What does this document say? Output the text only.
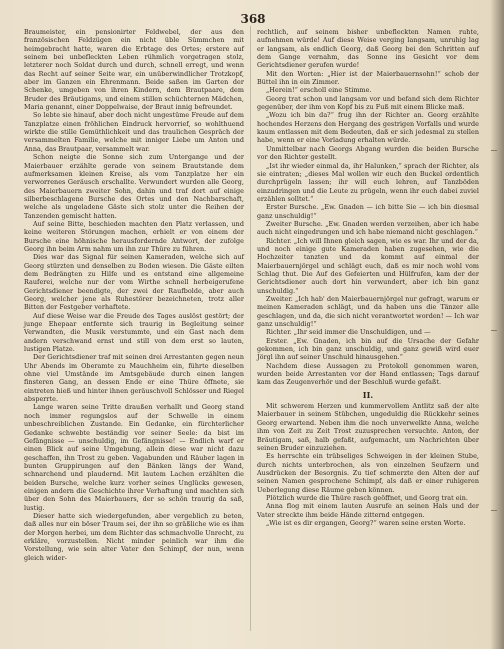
368

Braumeister, ein pensionirter Feldwebel, der aus den französischen Feldzügen ein nicht üble Sümmchen mit heimgebracht hatte, waren die Erbtage des Ortes; erstere auf seinem bei unbefleckten Leben rühmlich vorgetragen stolz, letzterer noch Soldat durch und durch, schnell erregt, und wenn das Recht auf seiner Seite war, ein unüberwindlicher Trotzkopf, aber im Ganzen ein Ehrenmann. Beide saßen im Garten der Schenke, umgeben von ihren Kindern, dem Brautpaare, dem Bruder des Bräutigams, und einem stillen schüchternen Mädchen, Maria genannt, einer Doppelwaise, der Braut innig befreundet.

So lebte sie hinauf, aber doch nicht ungestüme Freude auf dem Tanzplatze einen fröhlichen Eindruck hervorrief, so wohlthuend wirkte die stille Gemüthlichkeit und das traulichen Gespräch der versammelten Familie, welche mit inniger Liebe um Anton und Anna, das Brautpaar, versammelt war.

Schon neigte die Sonne sich zum Untergange und der Maierbauer erzählte gerade von seinem Brautstande dem aufmerksamen kleinen Kreise, als vom Tanzplatze her ein verworrenes Geräusch erschallte. Verwundert wurden alle Georg, des Maierbauern zweiter Sohn, dahin und traf dort auf einige silberbeschlagene Bursche des Ortes und den Nachbarschaft, welche als ungeladene Gäste sich stolz unter die Reihen der Tanzenden gemischt hatten.

Auf seine Bitte, beschieden machten den Platz verlassen, und keine weiteren Störungen machen, erhielt er von einem der Bursche eine höhnische herausfordernde Antwort, der zufolge Georg ihn beim Arm nahm um ihn zur Thüre zu führen.

Dies war das Signal für seinen Kameraden, welche sich auf Georg stürzten und denselben zu Boden wiesen. Die Gäste eilten dem Bedrängten zu Hilfe und es entstand eine allgemeine Rauferei, welche nur der vom Wirthe schnell herbeigerufene Gerichtsdiener beendigte, der zwei der Raufbolde, aber auch Georg, welcher jene als Ruhestörer bezeichneten, trotz aller Bitten der Festgeber verhaftete.

Auf diese Weise war die Freude des Tages auslöst gestört; der junge Ehepaar entfernte sich traurig in Begleitung seiner Verwandten, die Musik verstummte, und ein Gast nach dem andern verschwand ernst und still von dem erst so lauten, lustigen Platze.

Der Gerichtsdiener traf mit seinen drei Arrestanten gegen neun Uhr Abends im Oberamte zu Mauchheim ein, führte dieselben ohne viel Umstände im Amtsgebäude durch einen langen finsteren Gang, an dessen Ende er eine Thüre öffnete, sie eintreten hieß und hinter ihnen geräuschvoll Schlösser und Riegel absperrte.

Lange waren seine Tritte draußen verhallt und Georg stand noch immer regungslos auf der Schwelle in einem unbeschreiblichen Zustande. Ein Gedanke, ein fürchterlicher Gedanke schwebte beständig vor seiner Seele: da bist im Gefängnisse — unschuldig, im Gefängnisse! — Endlich warf er einen Blick auf seine Umgebung, allein diese war nicht dazu geschaffen, ihn Trost zu geben. Vagabunden und Räuber lagen in bunten Gruppirungen auf den Bänken längs der Wand, schnarchend und plaudernd. Mit lautem Lachen erzählten die beiden Bursche, welche kurz vorher seines Unglücks gewesen, einigen andern die Geschichte ihrer Verhaftung und machten sich über den Sohn des Maierbauers, der so schön traurig da saß, lustig.

Dieser hatte sich wiedergefunden, aber vergeblich zu beten, daß alles nur ein böser Traum sei, der ihn so gräßliche wie es ihm der Morgen herbei, um dem Richter das schmachvolle Unrecht, zu erkläre, vorzustellen. Nicht minder peinlich war ihm die Vorstellung, wie sein alter Vater den Schimpf, der nun, wenn gleich wider-

rechtlich, auf seinem bisher unbefleckten Namen ruhte, aufnehmen würde! Auf diese Weise verging langsam, unruhig lag er langsam, als endlich Georg, daß Georg bei den Schritten auf dem Gange vernahm, das Sonne ins Gesicht vor dem Gerichtsdiener gerufen wurde!

Mit den Worten: „Hier ist der Maierbauernsohn!“ schob der Büttel ihn in ein Zimmer.

„Herein!“ erscholl eine Stimme.

Georg trat schon und langsam vor und befand sich dem Richter gegenüber, der ihm von Kopf bis zu Fuß mit einem Blicke maß.

„Wozu ich bin da?“ frug ihn der Richter an. Georg erzählte hochendes Herzens den Hergang des gestrigen Vorfalls und wurde kaum entlassen mit dem Bedeuten, daß er sich jedesmal zu stellen habe, wenn er eine Vorladung erhalten würde.

Unmittelbar nach Georgs Abgang wurden die beiden Bursche vor den Richter gestellt.

„Ist ihr wieder einmal da, ihr Halunken,“ sprach der Richter, als sie eintraten; „dieses Mal wollen wir euch den Buckel ordentlich durchprügeln lassen; ihr will euch lehren, auf Tanzböden einzudringen und die Leute zu prügeln, wenn ihr euch dabei zuviel erzählen solltet.“

Erster Bursche. „Ew. Gnaden — ich bitte Sie — ich bin diesmal ganz unschuldig!“

Zweiter Bursche. „Ew. Gnaden werden verzeihen, aber ich habe auch nicht eingedrungen und ich habe niemand nicht geschlagen.“

Richter. „Ich will Ihnen gleich sagen, wie es war. Ihr und der da, und noch einige gute Kameraden haben zugesehen, wie die Hochzeiter tanzten und da kommt auf einmal der Maierbauernjörgel und schlägt euch, daß es mir noch wohl vom Schlag thut. Die Auf des Gefeierten und Hülfrufen, kam der der Gerichtsdiener auch dort hin verwundert, aber ich bin ganz unschuldig.“

Zweiter. „Ich hab' den Maierbauernjörgel nur gefragt, warum er meinen Kameraden schlägt, und da haben uns die Tänzer alle geschlagen, und da, die sich nicht verantwortet worden! — Ich war ganz unschuldig!“

Richter. „Ihr seid immer die Unschuldigen, und —

Erster. „Ew. Gnaden, ich bin auf die Ursache der Gefahr gekommen, ich bin ganz unschuldig, und ganz gewiß wird euer Jörgl ihn auf seiner Unschuld hinausgehen.“

Nachdem diese Aussagen zu Protokoll genommen waren, wurden beide Arrestanten vor der Hand entlassen; Tags darauf kam das Zeugenverhör und der Beschluß wurde gefaßt.

II.

Mit schwerem Herzen und kummervollem Antlitz saß der alte Maierbauer in seinem Stübchen, ungeduldig die Rückkehr seines Georg erwartend. Neben ihm die noch unverwelkte Anna, welche ihm von Zeit zu Zeit Trost zuzusprechen versuchte. Anton, der Bräutigam, saß, halb gefaßt, aufgemacht, um Nachrichten über seinen Bruder einzuziehen.

Es herrschte ein trübseliges Schweigen in der kleinen Stube, durch nichts unterbrochen, als von einzelnen Seufzern und Ausdrücken der Besorgnis. Zu tief schmerzte den Alten der auf seinen Namen gesprochene Schimpf, als daß er einer ruhigeren Ueberlegung diese Räume geben können.

Plötzlich wurde die Thüre rasch geöffnet, und Georg trat ein.

Anna flog mit einem lauten Ausrufe an seinen Hals und der Vater streckte ihm beide Hände zitternd entgegen.

„Wie ist es dir ergangen, Georg?“ waren seine ersten Worte.
